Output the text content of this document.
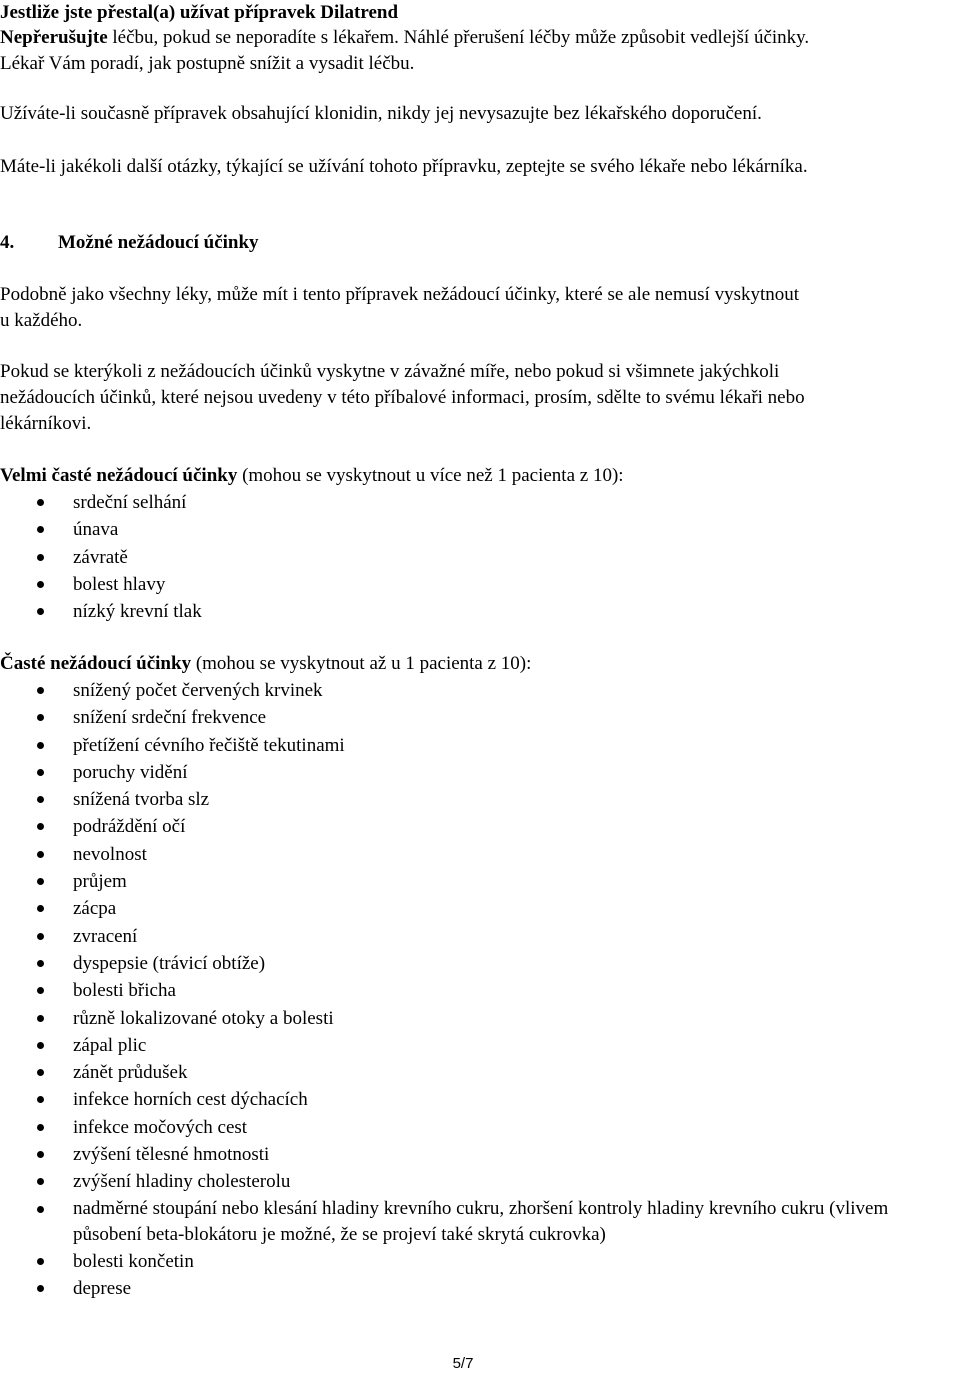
Jestliže jste přestal(a) užívat přípravek Dilatrend
Nepřerušujte léčbu, pokud se neporadíte s lékařem. Náhlé přerušení léčby může způsobit vedlejší účinky.
Lékař Vám poradí, jak postupně snížit a vysadit léčbu.
Užíváte-li současně přípravek obsahující klonidin, nikdy jej nevysazujte bez lékařského doporučení.
Máte-li jakékoli další otázky, týkající se užívání tohoto přípravku, zeptejte se svého lékaře nebo lékárníka.
4. Možné nežádoucí účinky
Podobně jako všechny léky, může mít i tento přípravek nežádoucí účinky, které se ale nemusí vyskytnout
u každého.
Pokud se kterýkoli z nežádoucích účinků vyskytne v závažné míře, nebo pokud si všimnete jakýchkoli
nežádoucích účinků, které nejsou uvedeny v této příbalové informaci, prosím, sdělte to svému lékaři nebo
lékárníkovi.
Velmi časté nežádoucí účinky (mohou se vyskytnout u více než 1 pacienta z 10):
srdeční selhání
únava
závratě
bolest hlavy
nízký krevní tlak
Časté nežádoucí účinky (mohou se vyskytnout až u 1 pacienta z 10):
snížený počet červených krvinek
snížení srdeční frekvence
přetížení cévního řečiště tekutinami
poruchy vidění
snížená tvorba slz
podráždění očí
nevolnost
průjem
zácpa
zvracení
dyspepsie (trávicí obtíže)
bolesti břicha
různě lokalizované otoky a bolesti
zápal plic
zánět průdušek
infekce horních cest dýchacích
infekce močových cest
zvýšení tělesné hmotnosti
zvýšení hladiny cholesterolu
nadměrné stoupání nebo klesání hladiny krevního cukru, zhoršení kontroly hladiny krevního cukru (vlivem působení beta-blokátoru je možné, že se projeví také skrytá cukrovka)
bolesti končetin
deprese
5/7
